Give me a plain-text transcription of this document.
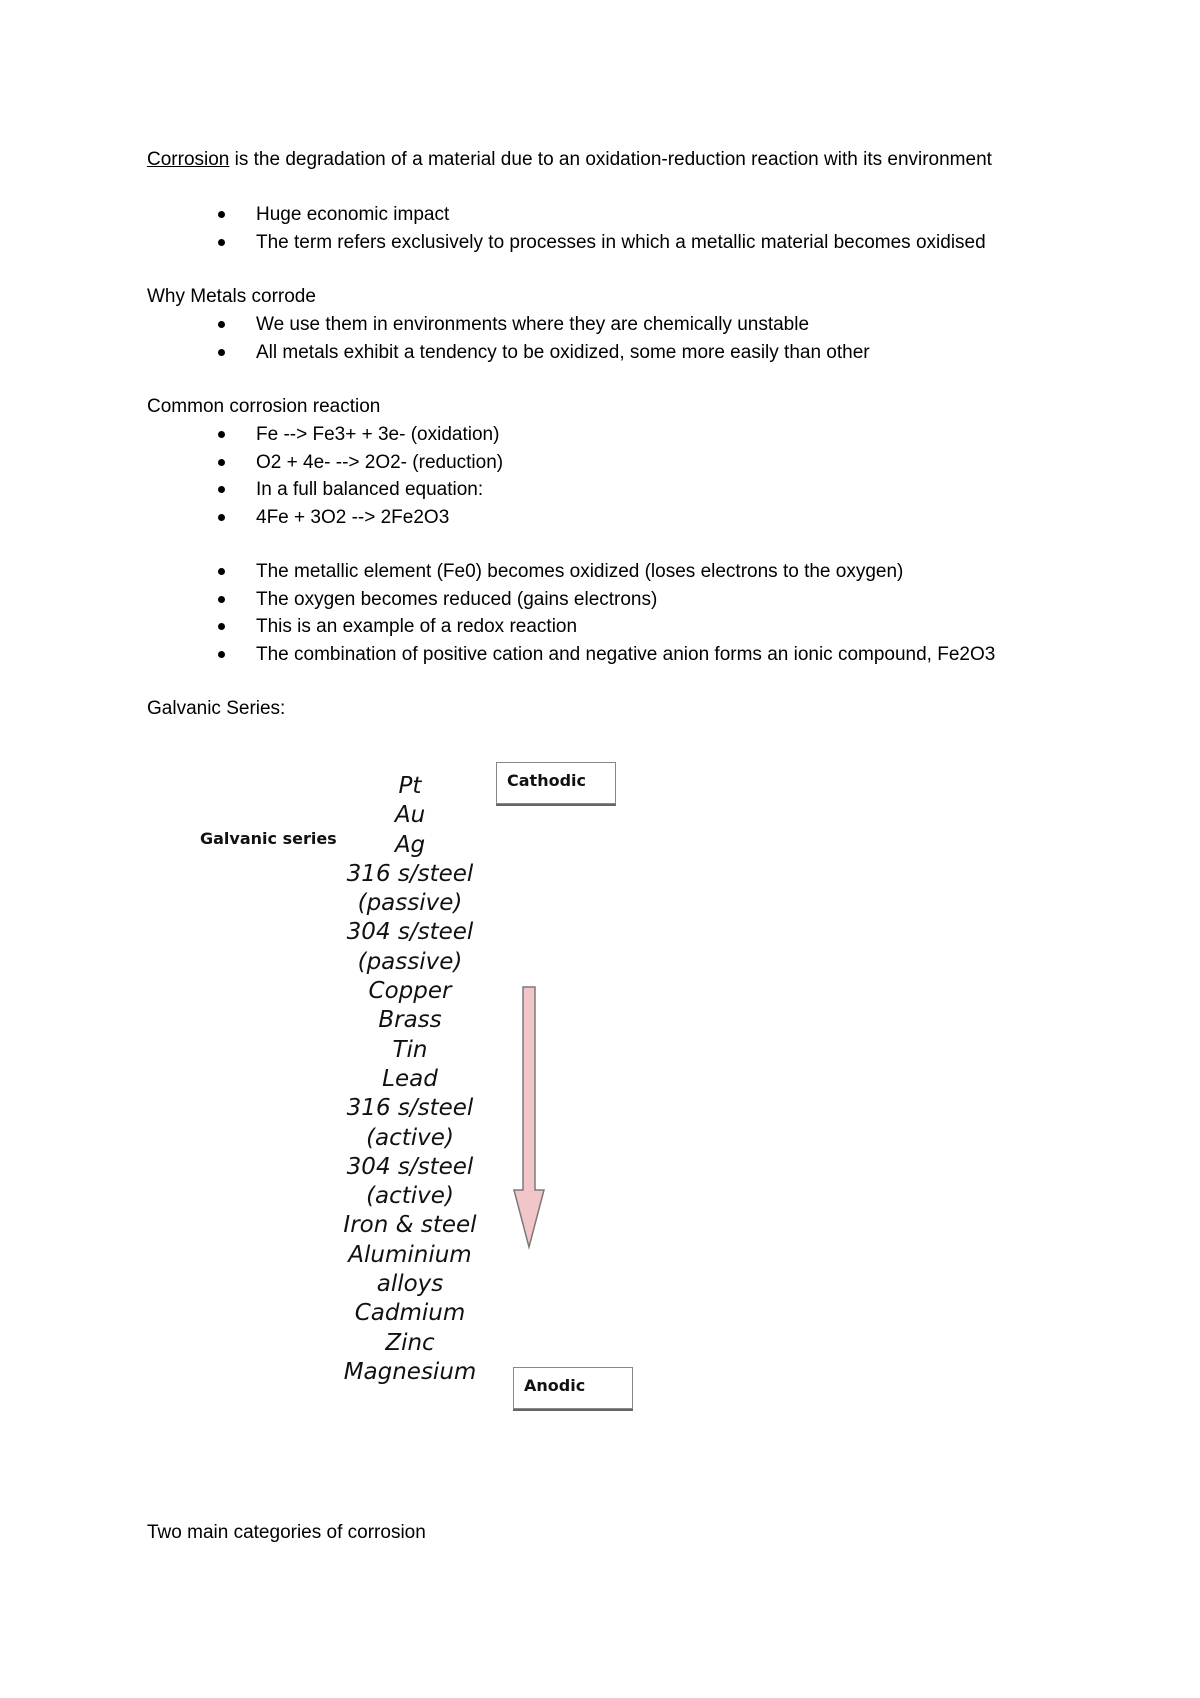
Corrosion is the degradation of a material due to an oxidation-reduction reaction with its environment
Huge economic impact
The term refers exclusively to processes in which a metallic material becomes oxidised
Why Metals corrode
We use them in environments where they are chemically unstable
All metals exhibit a tendency to be oxidized, some more easily than other
Common corrosion reaction
Fe --> Fe3+ + 3e- (oxidation)
O2 + 4e- --> 2O2- (reduction)
In a full balanced equation:
4Fe + 3O2 --> 2Fe2O3
The metallic element (Fe0) becomes oxidized (loses electrons to the oxygen)
The oxygen becomes reduced (gains electrons)
This is an example of a redox reaction
The combination of positive cation and negative anion forms an ionic compound, Fe2O3
Galvanic Series:
Galvanic series
Cathodic
Pt
Au
Ag
316 s/steel
(passive)
304 s/steel
(passive)
Copper
Brass
Tin
Lead
316 s/steel
(active)
304 s/steel
(active)
Iron & steel
Aluminium
alloys
Cadmium
Zinc
Magnesium
Anodic
Two main categories of corrosion
